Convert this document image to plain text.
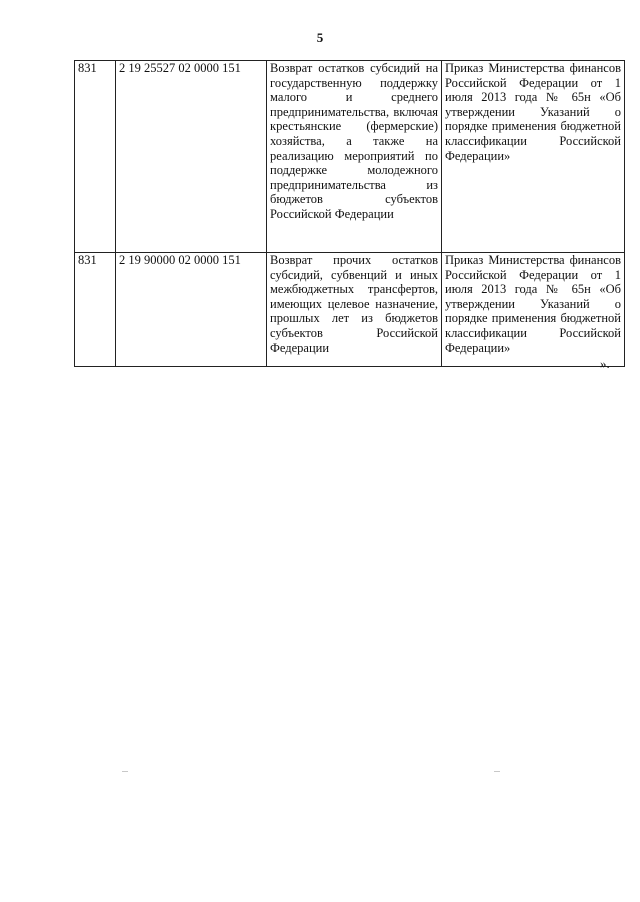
5
831	2 19 25527 02 0000 151	Возврат остатков субсидий на государственную поддержку малого и среднего предпринимательства, включая крестьянские (фермерские) хозяйства, а также на реализацию мероприятий по поддержке молодежного предпринимательства из бюджетов субъектов Российской Федерации	Приказ Министерства финансов Российской Федерации от 1 июля 2013 года № 65н «Об утверждении Указаний о порядке применения бюджетной классификации Российской Федерации»
831	2 19 90000 02 0000 151	Возврат прочих остатков субсидий, субвенций и иных межбюджетных трансфертов, имеющих целевое назначение, прошлых лет из бюджетов субъектов Российской Федерации	Приказ Министерства финансов Российской Федерации от 1 июля 2013 года № 65н «Об утверждении Указаний о порядке применения бюджетной классификации Российской Федерации»
».
